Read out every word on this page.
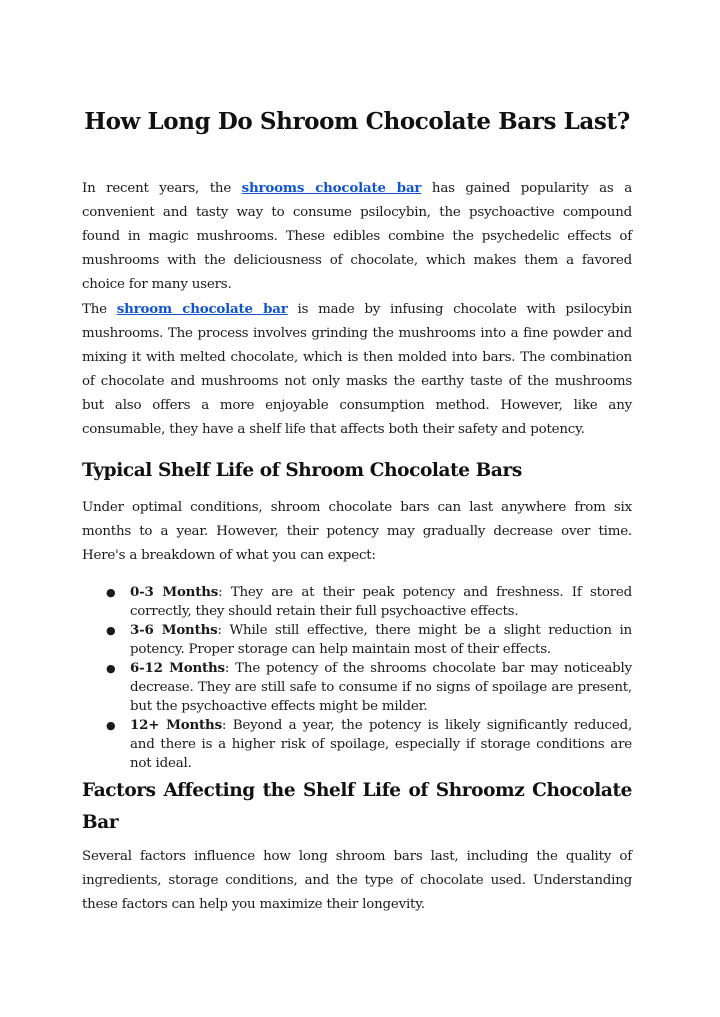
How Long Do Shroom Chocolate Bars Last?

In recent years, the shrooms chocolate bar has gained popularity as a convenient and tasty way to consume psilocybin, the psychoactive compound found in magic mushrooms. These edibles combine the psychedelic effects of mushrooms with the deliciousness of chocolate, which makes them a favored choice for many users.

The shroom chocolate bar is made by infusing chocolate with psilocybin mushrooms. The process involves grinding the mushrooms into a fine powder and mixing it with melted chocolate, which is then molded into bars. The combination of chocolate and mushrooms not only masks the earthy taste of the mushrooms but also offers a more enjoyable consumption method. However, like any consumable, they have a shelf life that affects both their safety and potency.

Typical Shelf Life of Shroom Chocolate Bars

Under optimal conditions, shroom chocolate bars can last anywhere from six months to a year. However, their potency may gradually decrease over time. Here's a breakdown of what you can expect:

● 0-3 Months: They are at their peak potency and freshness. If stored correctly, they should retain their full psychoactive effects.
● 3-6 Months: While still effective, there might be a slight reduction in potency. Proper storage can help maintain most of their effects.
● 6-12 Months: The potency of the shrooms chocolate bar may noticeably decrease. They are still safe to consume if no signs of spoilage are present, but the psychoactive effects might be milder.
● 12+ Months: Beyond a year, the potency is likely significantly reduced, and there is a higher risk of spoilage, especially if storage conditions are not ideal.
Factors Affecting the Shelf Life of Shroomz Chocolate Bar

Several factors influence how long shroom bars last, including the quality of ingredients, storage conditions, and the type of chocolate used. Understanding these factors can help you maximize their longevity.
